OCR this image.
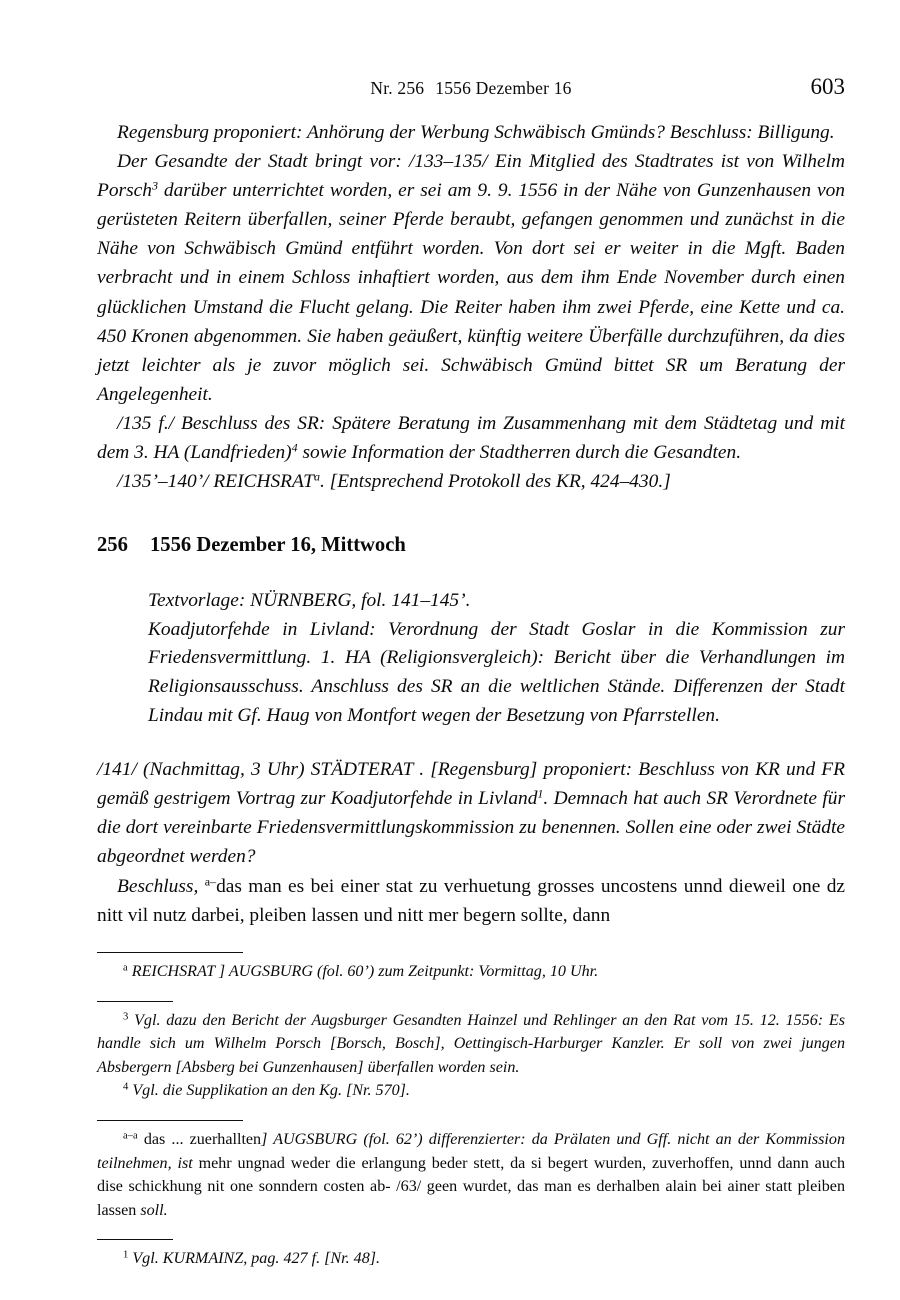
Nr. 256 1556 Dezember 16	603

Regensburg proponiert: Anhörung der Werbung Schwäbisch Gmünds? Beschluss: Billigung.

Der Gesandte der Stadt bringt vor: /133–135/ Ein Mitglied des Stadtrates ist von Wilhelm Porsch$^3$ darüber unterrichtet worden, er sei am 9. 9. 1556 in der Nähe von Gunzenhausen von gerüsteten Reitern überfallen, seiner Pferde beraubt, gefangen genommen und zunächst in die Nähe von Schwäbisch Gmünd entführt worden. Von dort sei er weiter in die Mgft. Baden verbracht und in einem Schloss inhaftiert worden, aus dem ihm Ende November durch einen glücklichen Umstand die Flucht gelang. Die Reiter haben ihm zwei Pferde, eine Kette und ca. 450 Kronen abgenommen. Sie haben geäußert, künftig weitere Überfälle durchzuführen, da dies jetzt leichter als je zuvor möglich sei. Schwäbisch Gmünd bittet SR um Beratung der Angelegenheit.

/135 f./ Beschluss des SR: Spätere Beratung im Zusammenhang mit dem Städtetag und mit dem 3. HA (Landfrieden)$^4$ sowie Information der Stadtherren durch die Gesandten.

/135’–140’/ REICHSRAT$^a$. [Entsprechend Protokoll des KR, 424–430.]

256 1556 Dezember 16, Mittwoch

Textvorlage: NÜRNBERG, fol. 141–145’.

Koadjutorfehde in Livland: Verordnung der Stadt Goslar in die Kommission zur Friedensvermittlung. 1. HA (Religionsvergleich): Bericht über die Verhandlungen im Religionsausschuss. Anschluss des SR an die weltlichen Stände. Differenzen der Stadt Lindau mit Gf. Haug von Montfort wegen der Besetzung von Pfarrstellen.

/141/ (Nachmittag, 3 Uhr) STÄDTERAT . [Regensburg] proponiert: Beschluss von KR und FR gemäß gestrigem Vortrag zur Koadjutorfehde in Livland$^1$. Demnach hat auch SR Verordnete für die dort vereinbarte Friedensvermittlungskommission zu benennen. Sollen eine oder zwei Städte abgeordnet werden?

Beschluss, $^{a-}$das man es bei einer stat zu verhuetung grosses uncostens unnd dieweil one dz nitt vil nutz darbei, pleiben lassen und nitt mer begern sollte, dann

$^a$ REICHSRAT ] AUGSBURG (fol. 60’) zum Zeitpunkt: Vormittag, 10 Uhr.

$^3$ Vgl. dazu den Bericht der Augsburger Gesandten Hainzel und Rehlinger an den Rat vom 15. 12. 1556: Es handle sich um Wilhelm Porsch [Borsch, Bosch], Oettingisch-Harburger Kanzler. Er soll von zwei jungen Absbergern [Absberg bei Gunzenhausen] überfallen worden sein.

$^4$ Vgl. die Supplikation an den Kg. [Nr. 570].

$^{a-a}$ das ... zuerhallten] AUGSBURG (fol. 62’) differenzierter: da Prälaten und Gff. nicht an der Kommission teilnehmen, ist mehr ungnad weder die erlangung beder stett, da si begert wurden, zuverhoffen, unnd dann auch dise schickhung nit one sonndern costen ab- /63/ geen wurdet, das man es derhalben alain bei ainer statt pleiben lassen soll.

$^1$ Vgl. KURMAINZ, pag. 427 f. [Nr. 48].
